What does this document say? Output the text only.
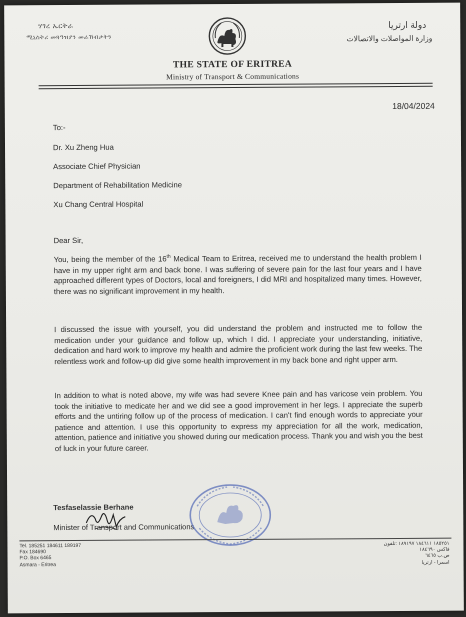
ሃገረ ኤርትራ
ሚኒስትሪ መጓዓዝያን መራኸብታትን
دولة ارتريا
وزارة المواصلات والاتصالات
THE STATE OF ERITREA
Ministry of Transport & Communications
18/04/2024
To:-
Dr. Xu Zheng Hua
Associate Chief Physician
Department of Rehabilitation Medicine
Xu Chang Central Hospital
Dear Sir,
You, being the member of the 16th Medical Team to Eritrea, received me to understand the health problem I have in my upper right arm and back bone. I was suffering of severe pain for the last four years and I have approached different types of Doctors, local and foreigners, I did MRI and hospitalized many times. However, there was no significant improvement in my health.
I discussed the issue with yourself, you did understand the problem and instructed me to follow the medication under your guidance and follow up, which I did. I appreciate your understanding, initiative, dedication and hard work to improve my health and admire the proficient work during the last few weeks. The relentless work and follow-up did give some health improvement in my back bone and right upper arm.
In addition to what is noted above, my wife was had severe Knee pain and has varicose vein problem. You took the initiative to medicate her and we did see a good improvement in her legs. I appreciate the superb efforts and the untiring follow up of the process of medication. I can't find enough words to appreciate your patience and attention. I use this opportunity to express my appreciation for all the work, medication, attention, patience and initiative you showed during our medication process. Thank you and wish you the best of luck in your future career.
Tesfaselassie Berhane
Minister of Transport and Communications
Tel. 185251 184611 189197
Fax 184690
P.O. Box 6465
Asmara - Eritrea
١٨٥٢٥١ ١٨٤٦١١ ١٨٩١٩٧ :تلفون
فاكس ١٨٤٦٩٠
ص.ب ٦٤٦٥
اسمرا - ارتريا
